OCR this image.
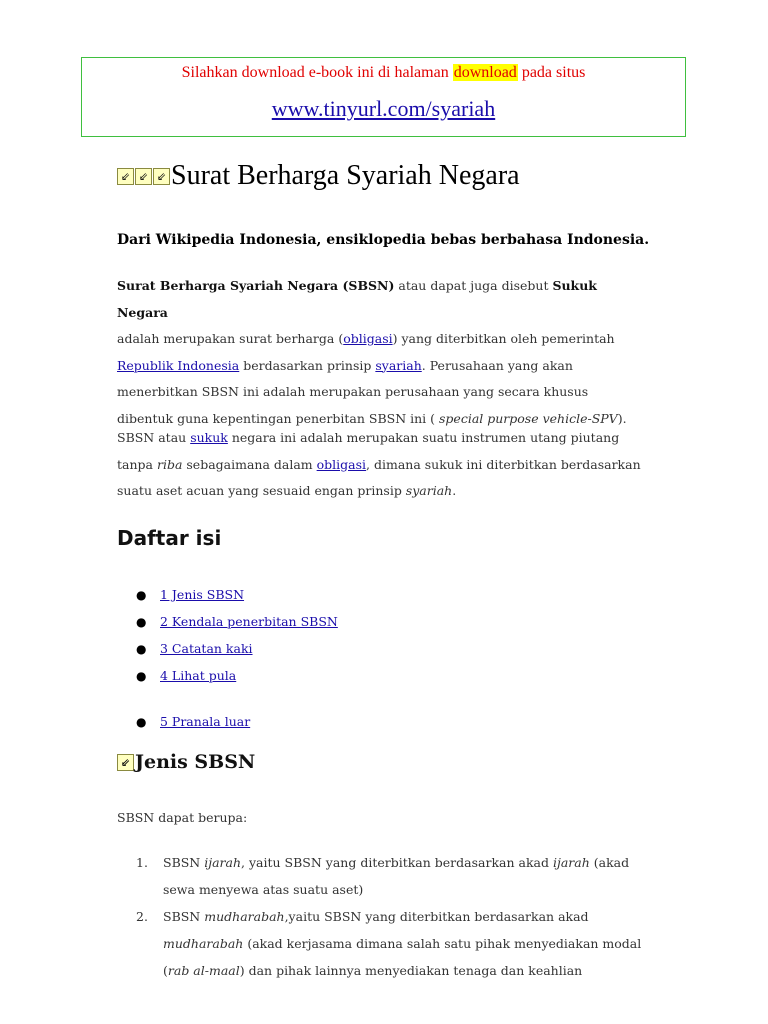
Silahkan download e-book ini di halaman download pada situs
www.tinyurl.com/syariah
⇙ ⇙ ⇙ Surat Berharga Syariah Negara
Dari Wikipedia Indonesia, ensiklopedia bebas berbahasa Indonesia.

Surat Berharga Syariah Negara (SBSN) atau dapat juga disebut Sukuk Negara
adalah merupakan surat berharga (obligasi) yang diterbitkan oleh pemerintah
Republik Indonesia berdasarkan prinsip syariah. Perusahaan yang akan menerbitkan SBSN ini adalah merupakan perusahaan yang secara khusus dibentuk guna kepentingan penerbitan SBSN ini ( special purpose vehicle-SPV).

SBSN atau sukuk negara ini adalah merupakan suatu instrumen utang piutang tanpa riba sebagaimana dalam obligasi, dimana sukuk ini diterbitkan berdasarkan suatu aset acuan yang sesuaid engan prinsip syariah.

Daftar isi
● 1 Jenis SBSN
● 2 Kendala penerbitan SBSN
● 3 Catatan kaki
● 4 Lihat pula
● 5 Pranala luar
⇙ Jenis SBSN

SBSN dapat berupa:

1. SBSN ijarah, yaitu SBSN yang diterbitkan berdasarkan akad ijarah (akad sewa menyewa atas suatu aset)
2. SBSN mudharabah,yaitu SBSN yang diterbitkan berdasarkan akad
mudharabah (akad kerjasama dimana salah satu pihak menyediakan modal (rab al-maal) dan pihak lainnya menyediakan tenaga dan keahlian
